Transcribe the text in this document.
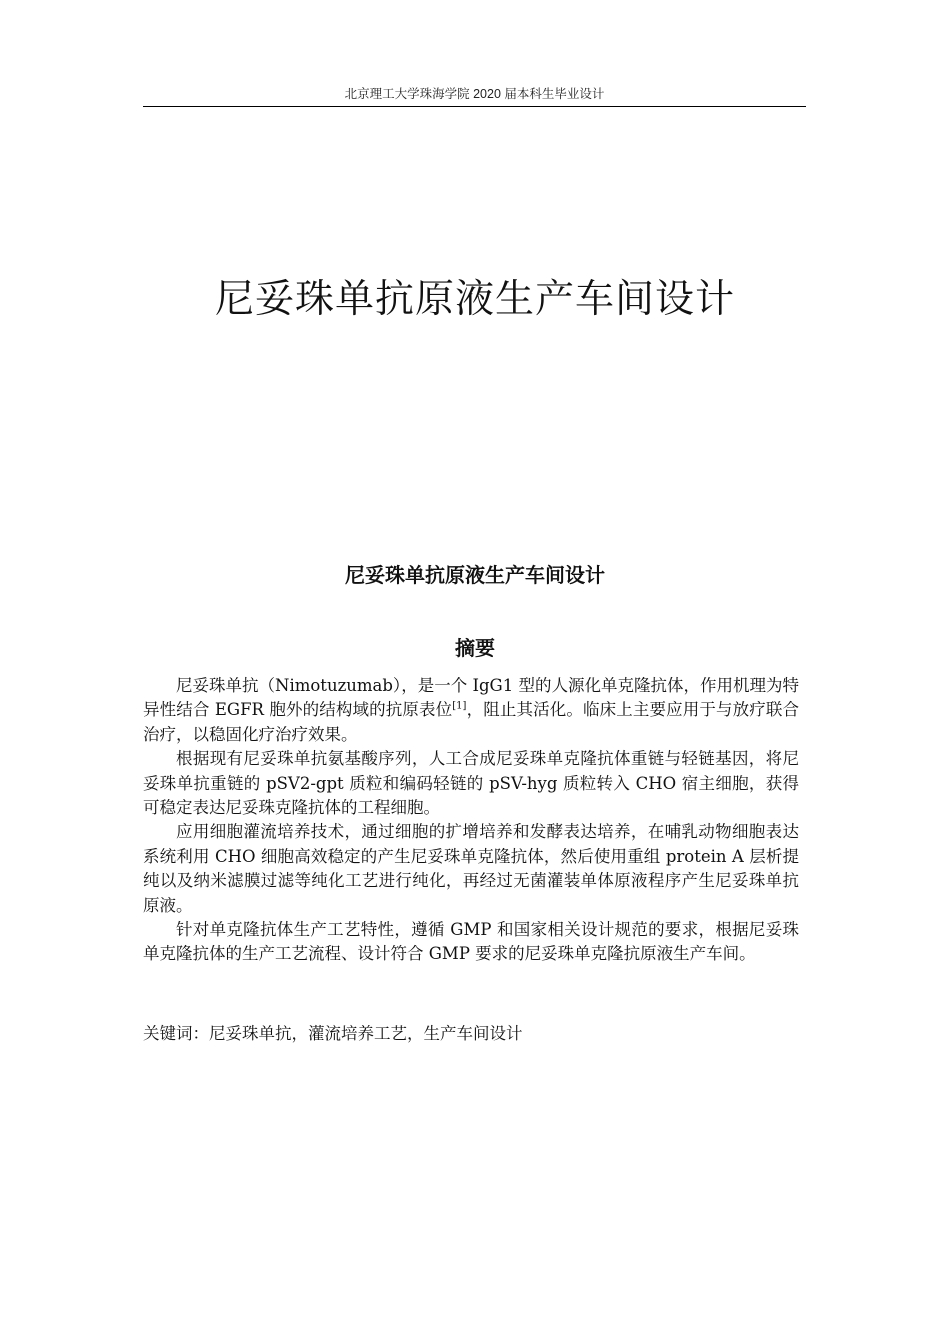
北京理工大学珠海学院 2020 届本科生毕业设计
尼妥珠单抗原液生产车间设计
尼妥珠单抗原液生产车间设计
摘要

尼妥珠单抗（Nimotuzumab），是一个 IgG1 型的人源化单克隆抗体，作用机理为特异性结合 EGFR 胞外的结构域的抗原表位[1]，阻止其活化。临床上主要应用于与放疗联合治疗，以稳固化疗治疗效果。

根据现有尼妥珠单抗氨基酸序列，人工合成尼妥珠单克隆抗体重链与轻链基因，将尼妥珠单抗重链的 pSV2-gpt 质粒和编码轻链的 pSV-hyg 质粒转入 CHO 宿主细胞，获得可稳定表达尼妥珠克隆抗体的工程细胞。

应用细胞灌流培养技术，通过细胞的扩增培养和发酵表达培养，在哺乳动物细胞表达系统利用 CHO 细胞高效稳定的产生尼妥珠单克隆抗体，然后使用重组 protein A 层析提纯以及纳米滤膜过滤等纯化工艺进行纯化，再经过无菌灌装单体原液程序产生尼妥珠单抗原液。

针对单克隆抗体生产工艺特性，遵循 GMP 和国家相关设计规范的要求，根据尼妥珠单克隆抗体的生产工艺流程、设计符合 GMP 要求的尼妥珠单克隆抗原液生产车间。

关键词：尼妥珠单抗，灌流培养工艺，生产车间设计
